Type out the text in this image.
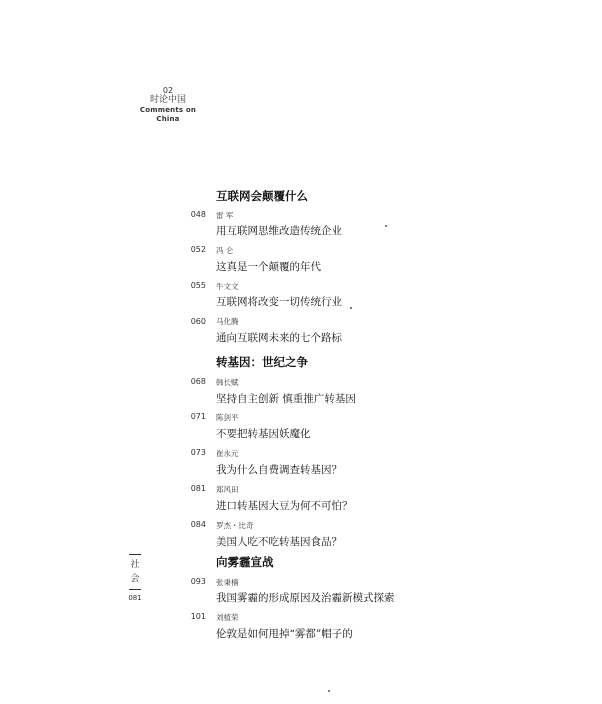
02
时论中国
Comments on China
互联网会颠覆什么
048 雷 军
用互联网思维改造传统企业
052 冯 仑
这真是一个颠覆的年代
055 牛文文
互联网将改变一切传统行业
060 马化腾
通向互联网未来的七个路标
转基因：世纪之争
068 韩长赋
坚持自主创新 慎重推广转基因
071 陈剑平
不要把转基因妖魔化
073 崔永元
我为什么自费调查转基因？
081 郑风田
进口转基因大豆为何不可怕？
084 罗杰・比奇
美国人吃不吃转基因食品？
向雾霾宣战
093 张秉楠
我国雾霾的形成原因及治霾新模式探索
101 刘植荣
伦敦是如何甩掉“雾都”帽子的
社
会
081
